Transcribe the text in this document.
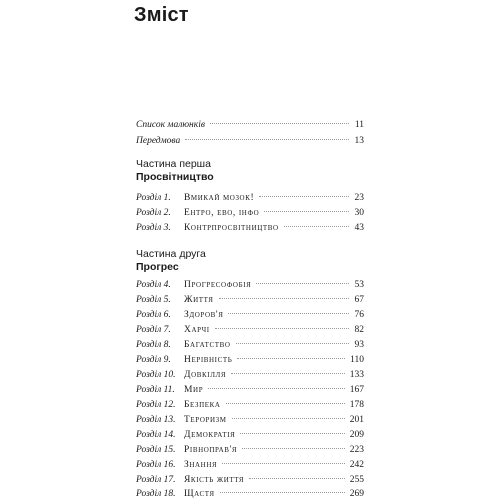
Зміст
Список малюнків	11
Передмова	13
Частина перша
Просвітництво
Розділ 1.	Вмикай мозок!	23
Розділ 2.	Ентро, ево, інфо	30
Розділ 3.	Контрпросвітництво	43
Частина друга
Прогрес
Розділ 4.	Прогресофобія	53
Розділ 5.	Життя	67
Розділ 6.	Здоров'я	76
Розділ 7.	Харчі	82
Розділ 8.	Багатство	93
Розділ 9.	Нерівність	110
Розділ 10. Довкілля	133
Розділ 11. Мир	167
Розділ 12. Безпека	178
Розділ 13. Тероризм	201
Розділ 14. Демократія	209
Розділ 15. Рівноправ'я	223
Розділ 16. Знання	242
Розділ 17. Якість життя	255
Розділ 18. Щастя	269
